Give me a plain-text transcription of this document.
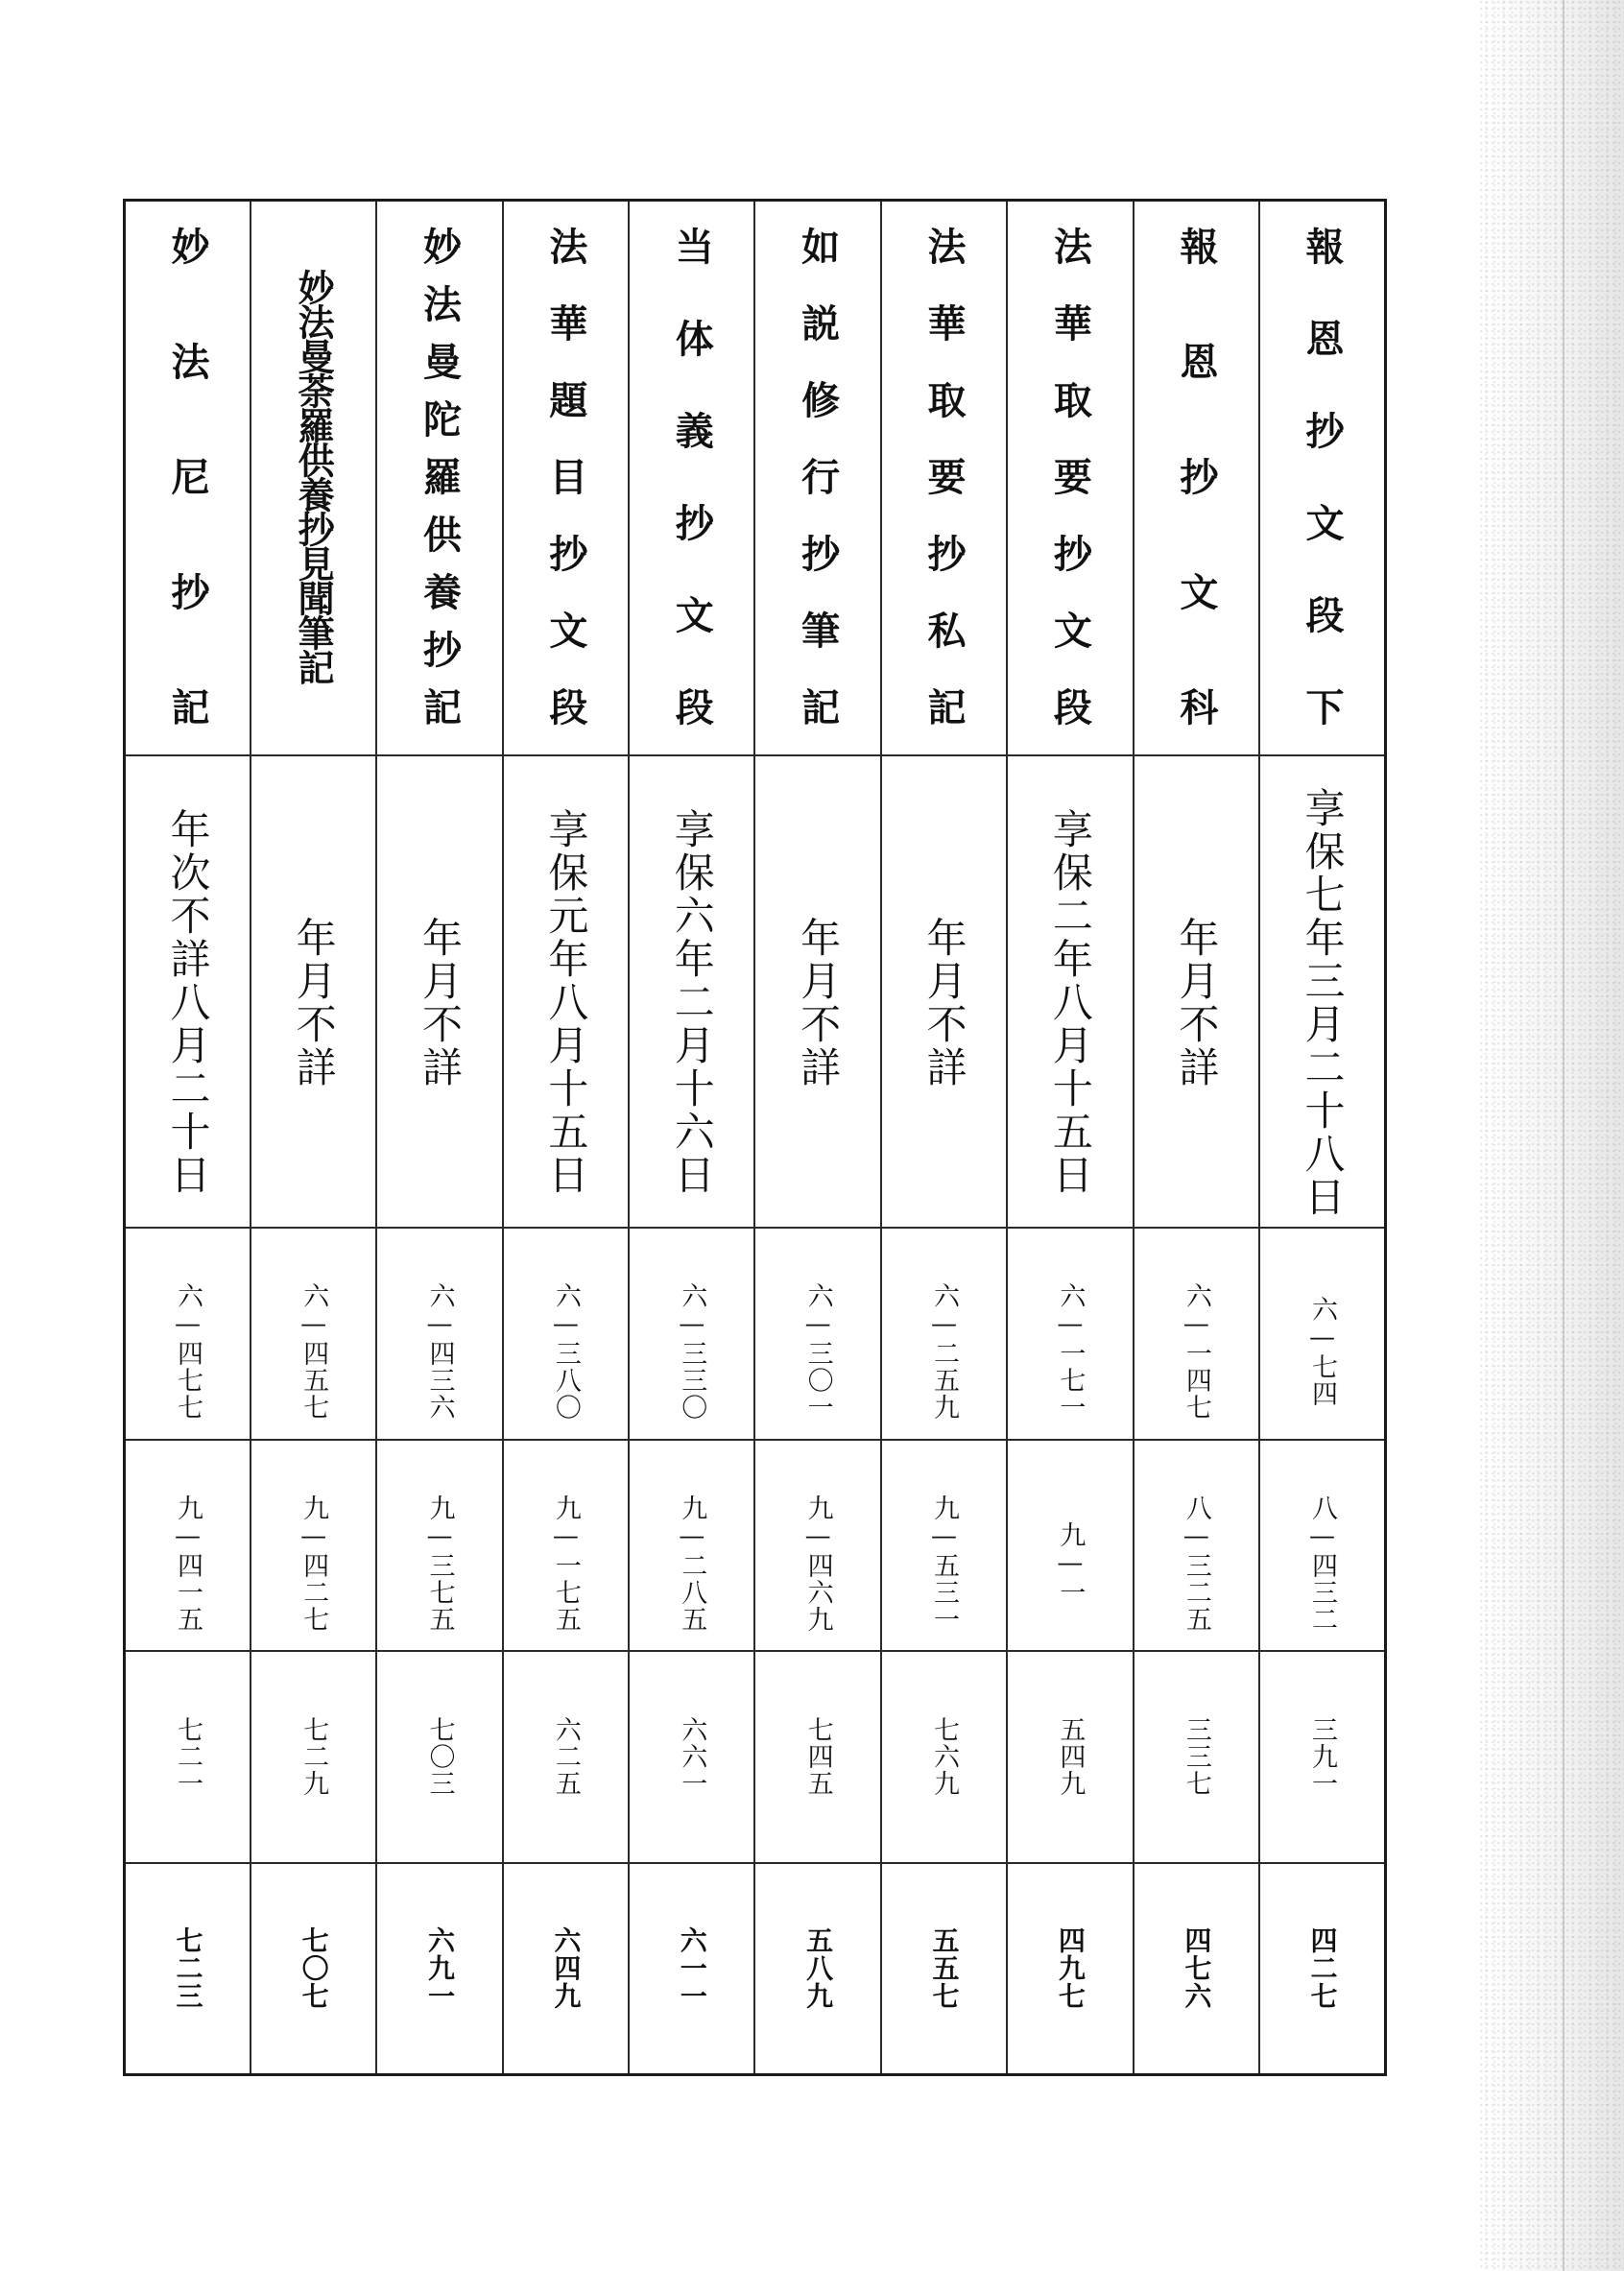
妙法尼抄記	妙法曼荼羅供養抄見聞筆記	妙法曼陀羅供養抄記	法華題目抄文段	当体義抄文段	如説修行抄筆記	法華取要抄私記	法華取要抄文段	報恩抄文科	報恩抄文段下

年次不詳八月二十日	年月不詳	年月不詳	享保元年八月十五日	享保六年二月十六日	年月不詳	年月不詳	享保二年八月十五日	年月不詳	享保七年三月二十八日

六—四七七	六—四五七	六—四三六	六—三八〇	六—三三〇	六—三〇一	六—二五九	六—一七一	六—一四七	六—七四

九—四一五	九—四二七	九—三七五	九—一七五	九—二八五	九—四六九	九—五三一	九—一	八—三二五	八—四三二

七二一	七二九	七〇三	六二五	六六一	七四五	七六九	五四九	三三七	三九一

七二三	七〇七	六九一	六四九	六一一	五八九	五五七	四九七	四七六	四二七
